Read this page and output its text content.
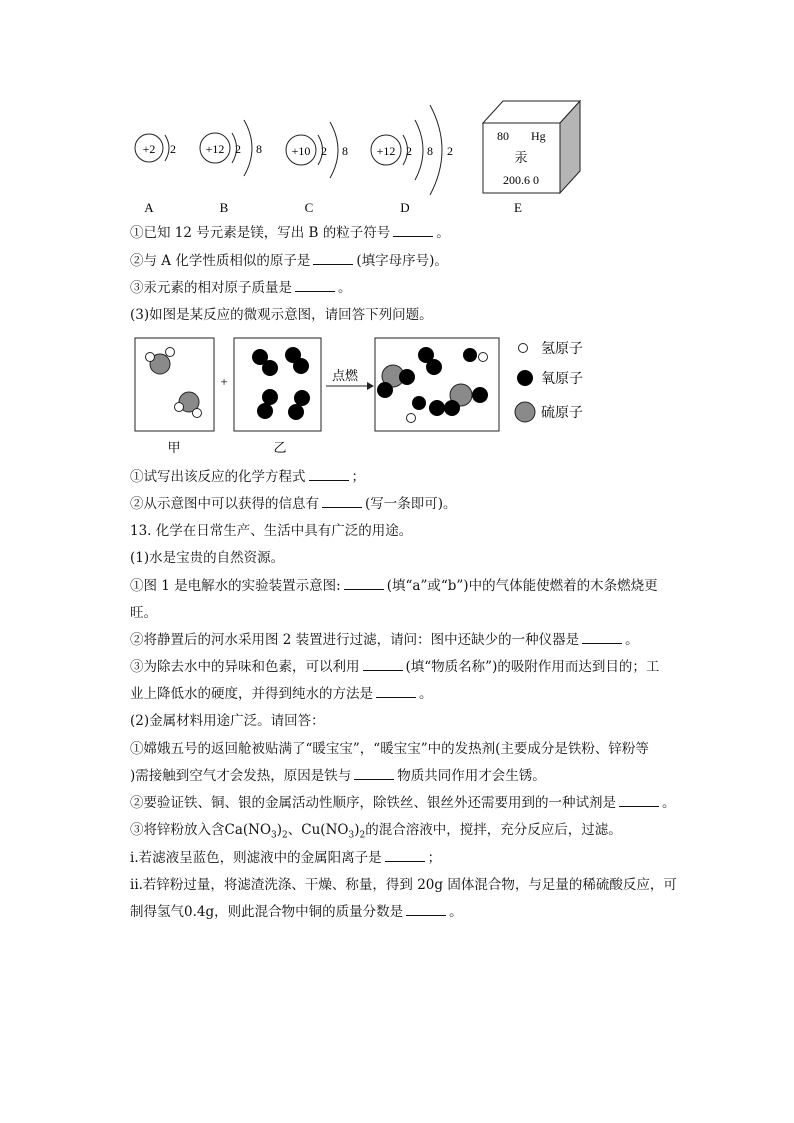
+2 2
A
+12 2 8
B
+10 2 8
C
+12 2 8 2
D
80 Hg
汞
200.6 0
E
①已知 12 号元素是镁，写出 B 的粒子符号	。
②与 A 化学性质相似的原子是	(填字母序号)。
③汞元素的相对原子质量是	。
(3)如图是某反应的微观示意图，请回答下列问题。
甲
+
乙
点燃
氢原子
氧原子
硫原子
①试写出该反应的化学方程式	；
②从示意图中可以获得的信息有	(写一条即可)。
13. 化学在日常生产、生活中具有广泛的用途。
(1)水是宝贵的自然资源。
①图 1 是电解水的实验装置示意图:	(填“a”或“b”)中的气体能使燃着的木条燃烧更
旺。
②将静置后的河水采用图 2 装置进行过滤，请问：图中还缺少的一种仪器是	。
③为除去水中的异味和色素，可以利用	(填“物质名称”)的吸附作用而达到目的；工
业上降低水的硬度，并得到纯水的方法是	。
(2)金属材料用途广泛。请回答：
①嫦娥五号的返回舱被贴满了“暖宝宝”，“暖宝宝”中的发热剂(主要成分是铁粉、锌粉等
)需接触到空气才会发热，原因是铁与	物质共同作用才会生锈。
②要验证铁、铜、银的金属活动性顺序，除铁丝、银丝外还需要用到的一种试剂是	。
③将锌粉放入含$Ca(NO_3)_2$、$Cu(NO_3)_2$的混合溶液中，搅拌，充分反应后，过滤。
i.若滤液呈蓝色，则滤液中的金属阳离子是	；
ii.若锌粉过量，将滤渣洗涤、干燥、称量，得到 20g 固体混合物，与足量的稀硫酸反应，可
制得氢气0.4g，则此混合物中铜的质量分数是	。
